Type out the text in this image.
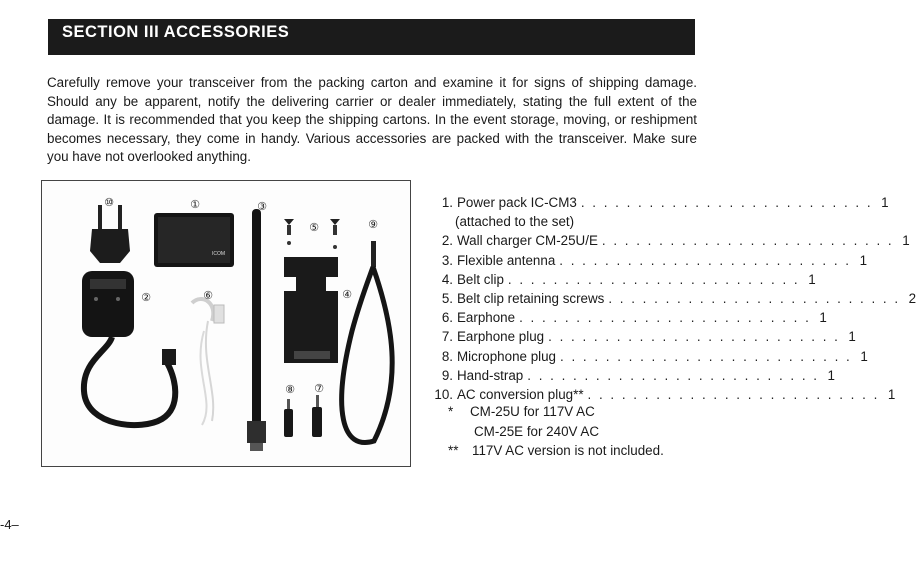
SECTION III ACCESSORIES

Carefully remove your transceiver from the packing carton and examine it for signs of shipping damage. Should any be apparent, notify the delivering carrier or dealer immediately, stating the full extent of the damage. It is recommended that you keep the shipping cartons. In the event storage, moving, or reshipment becomes necessary, they come in handy. Various accessories are packed with the transceiver. Make sure you have not overlooked anything.

ICOM
⑩	①	③
⑤	⑨
②	⑥	④
⑧ ⑦
1. Power pack IC-CM3 . . . . . . . . . . . . . . . . . . . . . . . . . . 1
(attached to the set)
2. Wall charger CM-25U/E . . . . . . . . . . . . . . . . . . . . . . . . . . 1
3. Flexible antenna . . . . . . . . . . . . . . . . . . . . . . . . . . 1
4. Belt clip . . . . . . . . . . . . . . . . . . . . . . . . . . 1
5. Belt clip retaining screws . . . . . . . . . . . . . . . . . . . . . . . . . . 2
6. Earphone . . . . . . . . . . . . . . . . . . . . . . . . . . 1
7. Earphone plug . . . . . . . . . . . . . . . . . . . . . . . . . . 1
8. Microphone plug . . . . . . . . . . . . . . . . . . . . . . . . . . 1
9. Hand-strap . . . . . . . . . . . . . . . . . . . . . . . . . . 1
10. AC conversion plug** . . . . . . . . . . . . . . . . . . . . . . . . . . 1
*	CM-25U for 117V AC
CM-25E for 240V AC
**	117V AC version is not included.
-4–
